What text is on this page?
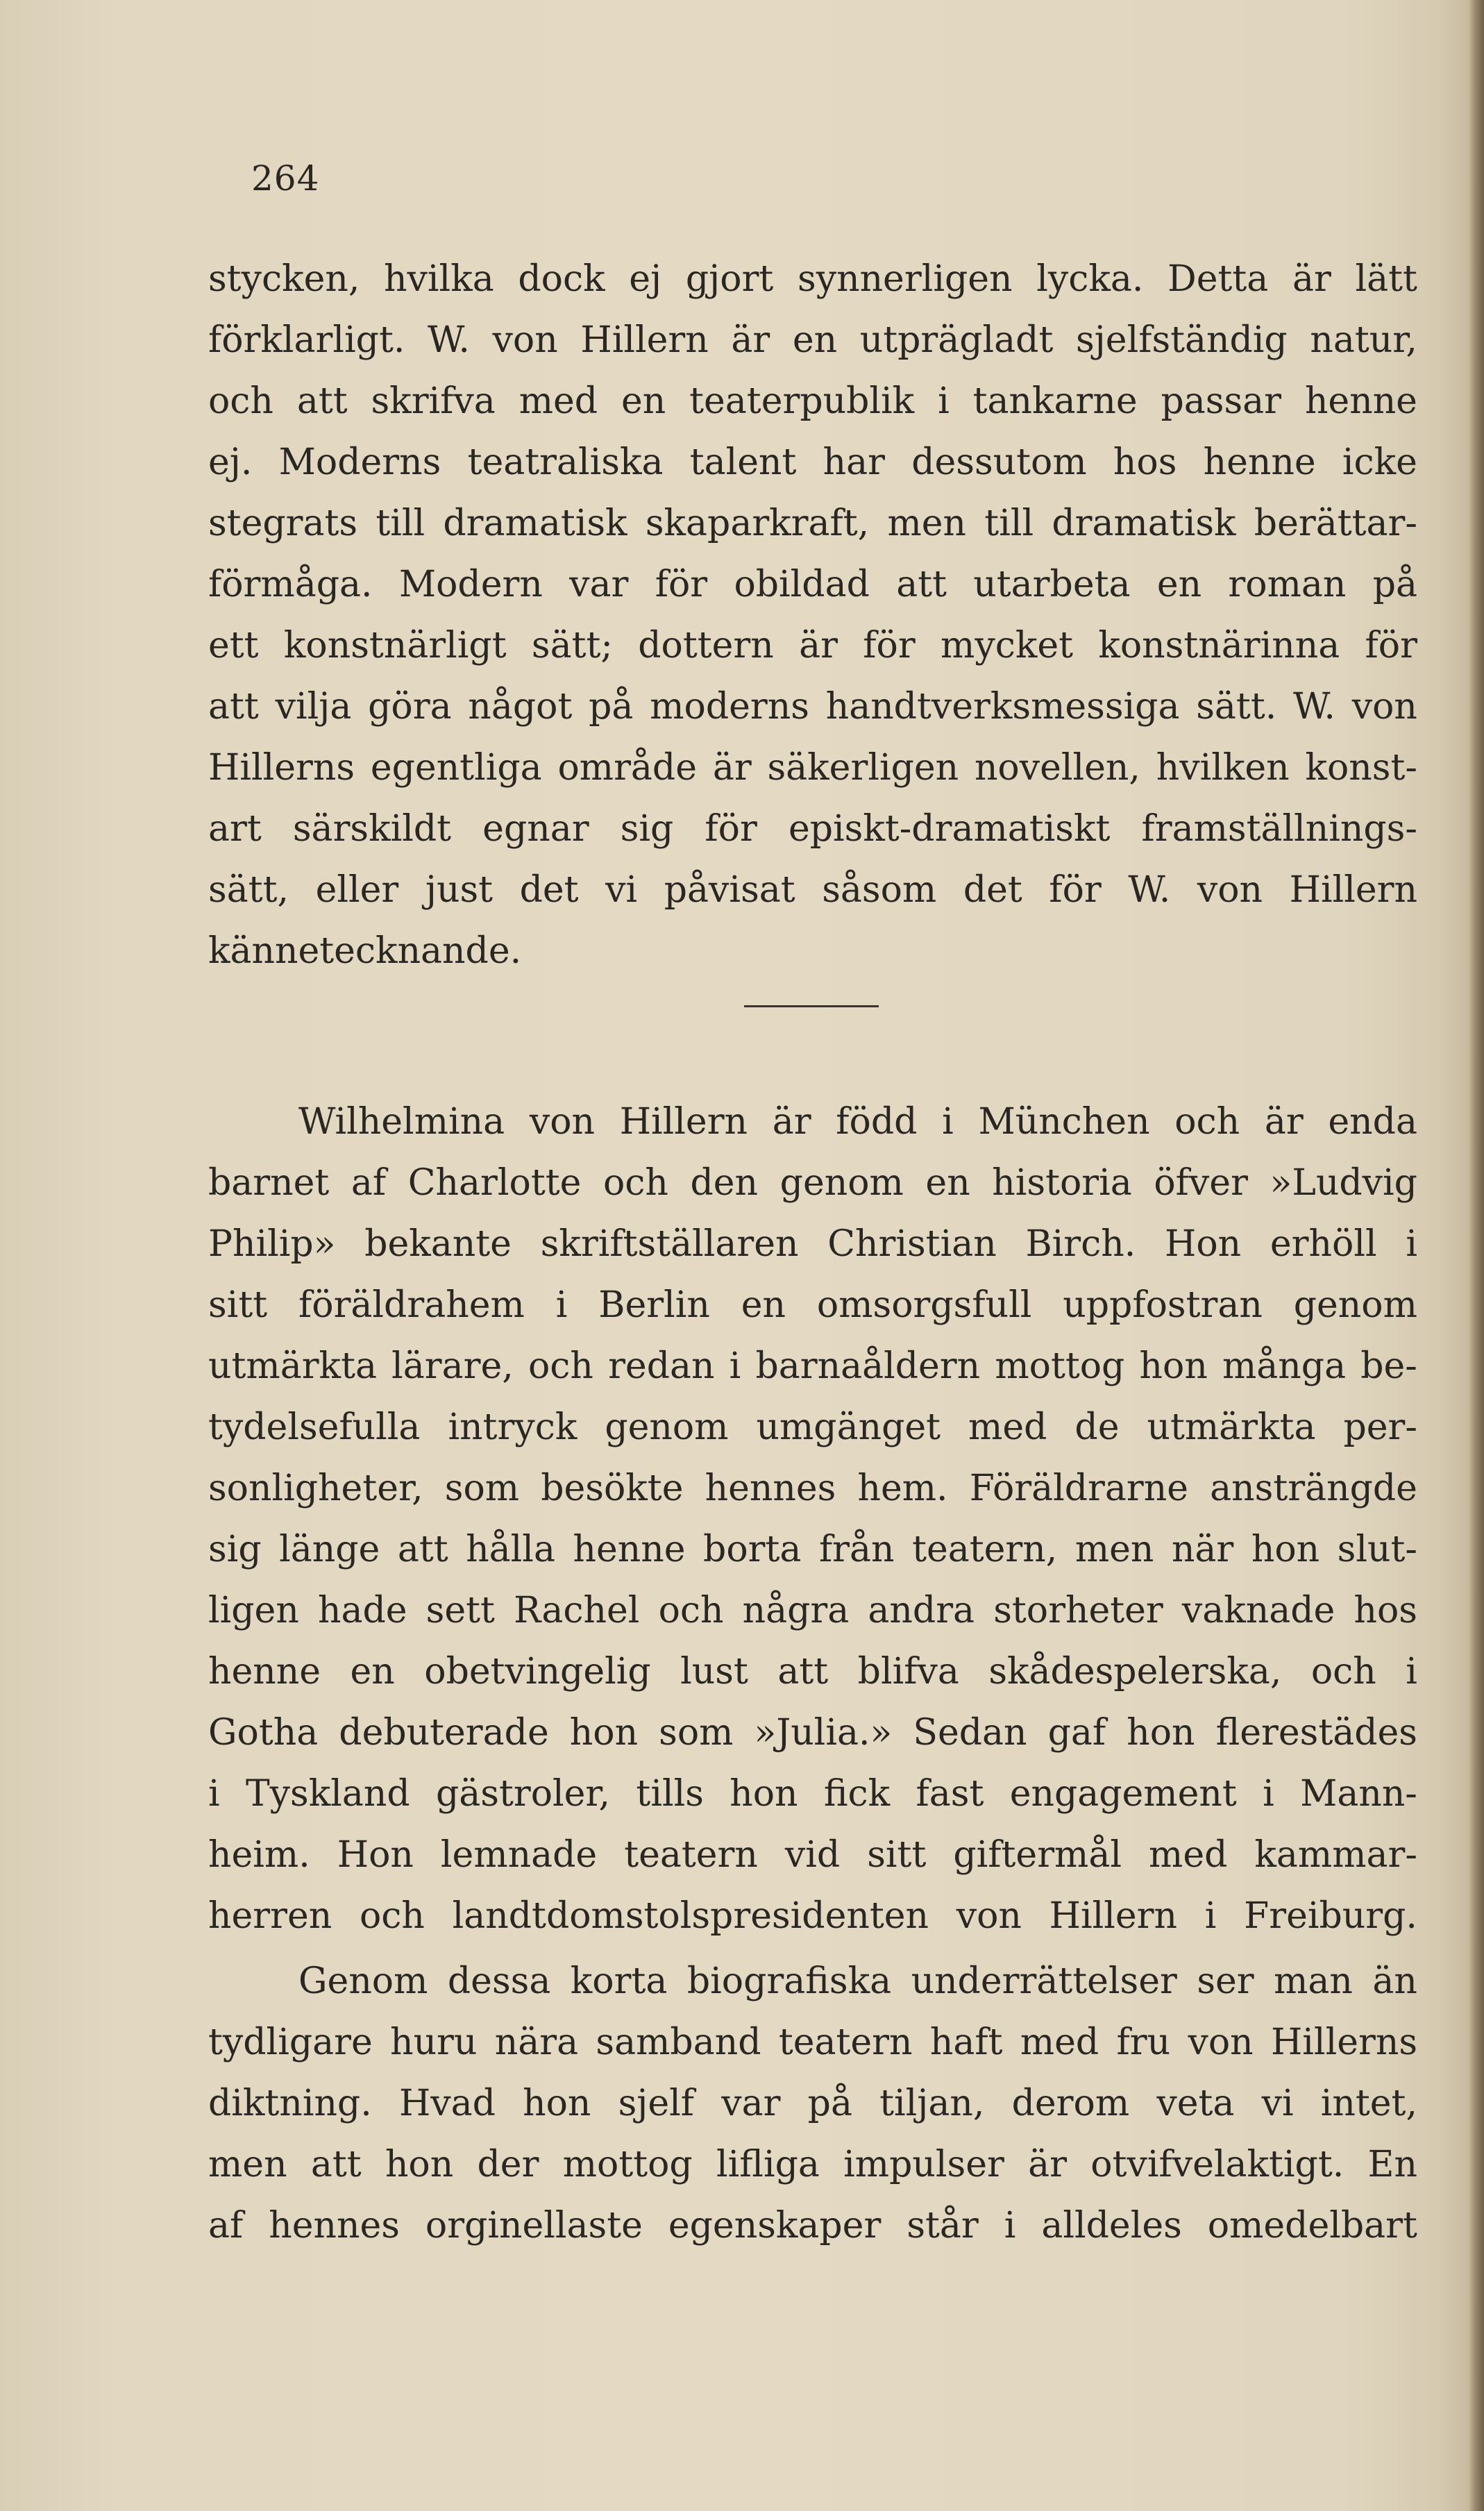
264
stycken, hvilka dock ej gjort synnerligen lycka. Detta är lätt
förklarligt. W. von Hillern är en utprägladt sjelfständig natur,
och att skrifva med en teaterpublik i tankarne passar henne
ej. Moderns teatraliska talent har dessutom hos henne icke
stegrats till dramatisk skaparkraft, men till dramatisk berättar-
förmåga. Modern var för obildad att utarbeta en roman på
ett konstnärligt sätt; dottern är för mycket konstnärinna för
att vilja göra något på moderns handtverksmessiga sätt. W. von
Hillerns egentliga område är säkerligen novellen, hvilken konst-
art särskildt egnar sig för episkt-dramatiskt framställnings-
sätt, eller just det vi påvisat såsom det för W. von Hillern
kännetecknande.
Wilhelmina von Hillern är född i München och är enda
barnet af Charlotte och den genom en historia öfver »Ludvig
Philip» bekante skriftställaren Christian Birch. Hon erhöll i
sitt föräldrahem i Berlin en omsorgsfull uppfostran genom
utmärkta lärare, och redan i barnaåldern mottog hon många be-
tydelsefulla intryck genom umgänget med de utmärkta per-
sonligheter, som besökte hennes hem. Föräldrarne ansträngde
sig länge att hålla henne borta från teatern, men när hon slut-
ligen hade sett Rachel och några andra storheter vaknade hos
henne en obetvingelig lust att blifva skådespelerska, och i
Gotha debuterade hon som »Julia.» Sedan gaf hon flerestädes
i Tyskland gästroler, tills hon fick fast engagement i Mann-
heim. Hon lemnade teatern vid sitt giftermål med kammar-
herren och landtdomstolspresidenten von Hillern i Freiburg.
Genom dessa korta biografiska underrättelser ser man än
tydligare huru nära samband teatern haft med fru von Hillerns
diktning. Hvad hon sjelf var på tiljan, derom veta vi intet,
men att hon der mottog lifliga impulser är otvifvelaktigt. En
af hennes orginellaste egenskaper står i alldeles omedelbart
